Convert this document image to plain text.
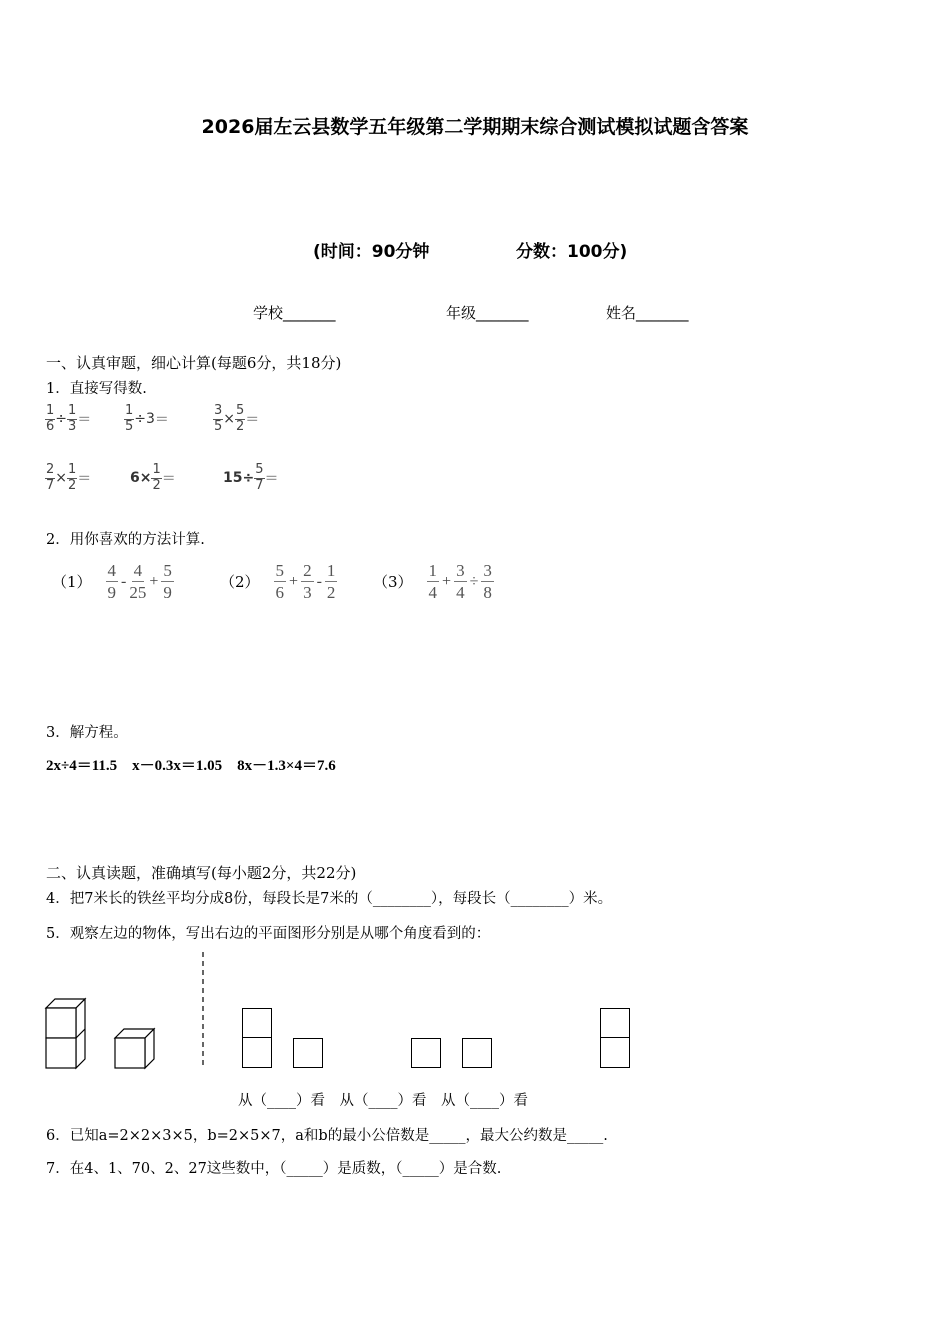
2026届左云县数学五年级第二学期期末综合测试模拟试题含答案
(时间：90分钟	分数：100分)
学校_______	年级_______	姓名_______
一、认真审题，细心计算(每题6分，共18分)
1．直接写得数.
$\frac{1}{6} \div \frac{1}{3}$ ＝	$\frac{1}{5} \div 3$ ＝	$\frac{3}{5} \times \frac{5}{2}$ ＝
$\frac{2}{7} \times \frac{1}{2}$ ＝	$6\times \frac{1}{2}$ ＝	$15\div \frac{5}{7}$ ＝
2．用你喜欢的方法计算.
$(1) \frac{4}{9} - \frac{4}{25} + \frac{5}{9}$	$(2) \frac{5}{6} + \frac{2}{3} - \frac{1}{2} (3) \frac{1}{4} + \frac{3}{4} \div \frac{3}{8}$
3．解方程。
2x÷4＝11.5　x－0.3x＝1.05　8x－1.3×4＝7.6
二、认真读题，准确填写(每小题2分，共22分)
4．把7米长的铁丝平均分成8份，每段长是7米的（________），每段长（________）米。
5．观察左边的物体，写出右边的平面图形分别是从哪个角度看到的：
从（____）看　从（____）看　从（____）看
6．已知a=2×2×3×5，b=2×5×7，a和b的最小公倍数是_____，最大公约数是_____.
7．在4、1、70、2、27这些数中，（_____）是质数，（_____）是合数.
